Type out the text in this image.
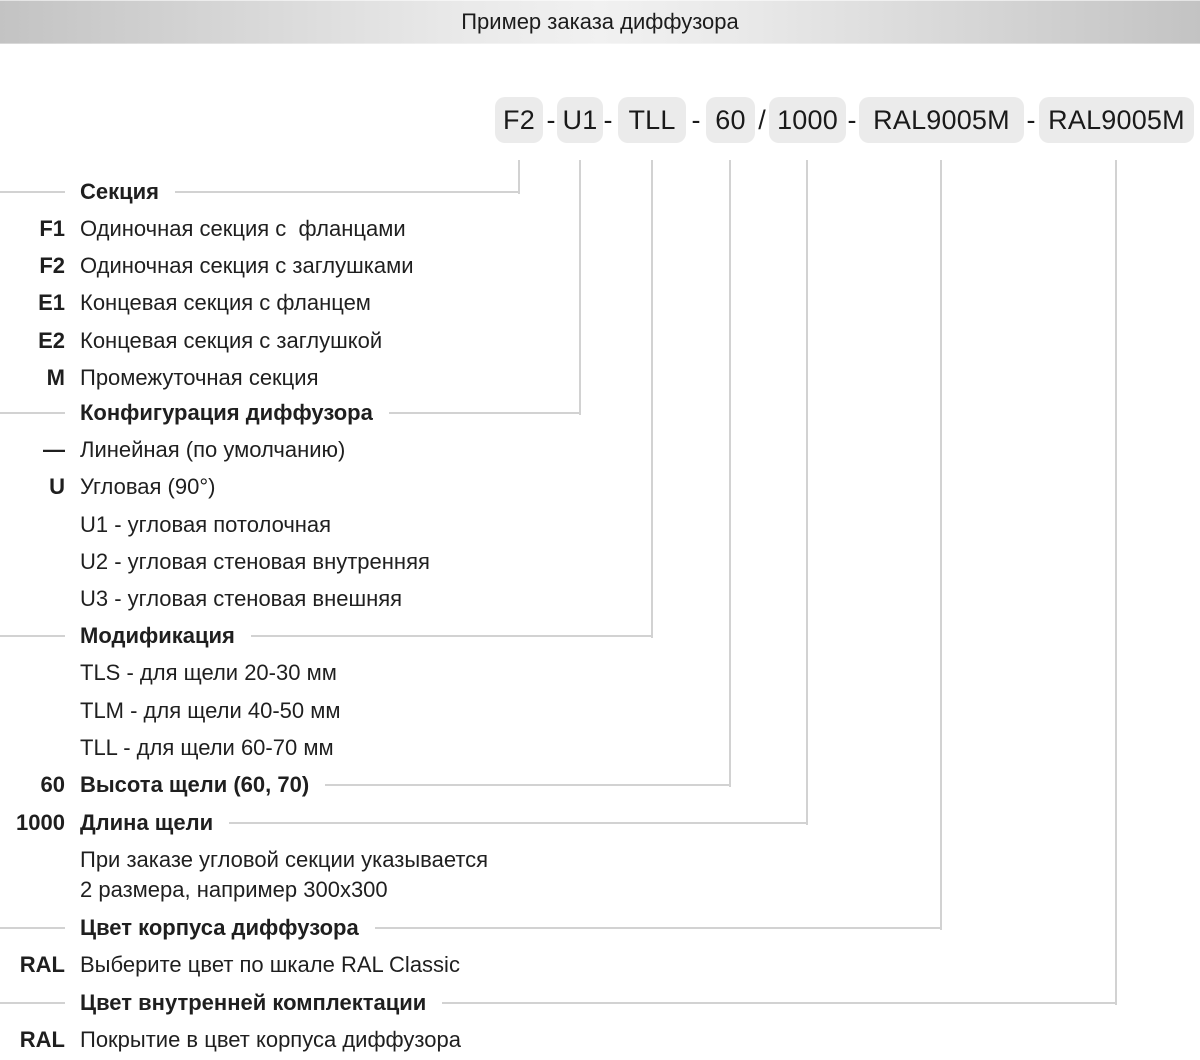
Пример заказа диффузора
F2 - U1 - TLL - 60 / 1000 - RAL9005M - RAL9005M
Секция
F1 Одиночная секция с  фланцами
F2 Одиночная секция с заглушками
E1 Концевая секция с фланцем
E2 Концевая секция с заглушкой
M Промежуточная секция
Конфигурация диффузора
— Линейная (по умолчанию)
U Угловая (90°)
U1 - угловая потолочная
U2 - угловая стеновая внутренняя
U3 - угловая стеновая внешняя
Модификация
TLS - для щели 20-30 мм
TLM - для щели 40-50 мм
TLL - для щели 60-70 мм
60 Высота щели (60, 70)
1000 Длина щели
При заказе угловой секции указывается
2 размера, например 300x300
Цвет корпуса диффузора
RAL Выберите цвет по шкале RAL Classic
Цвет внутренней комплектации
RAL Покрытие в цвет корпуса диффузора
